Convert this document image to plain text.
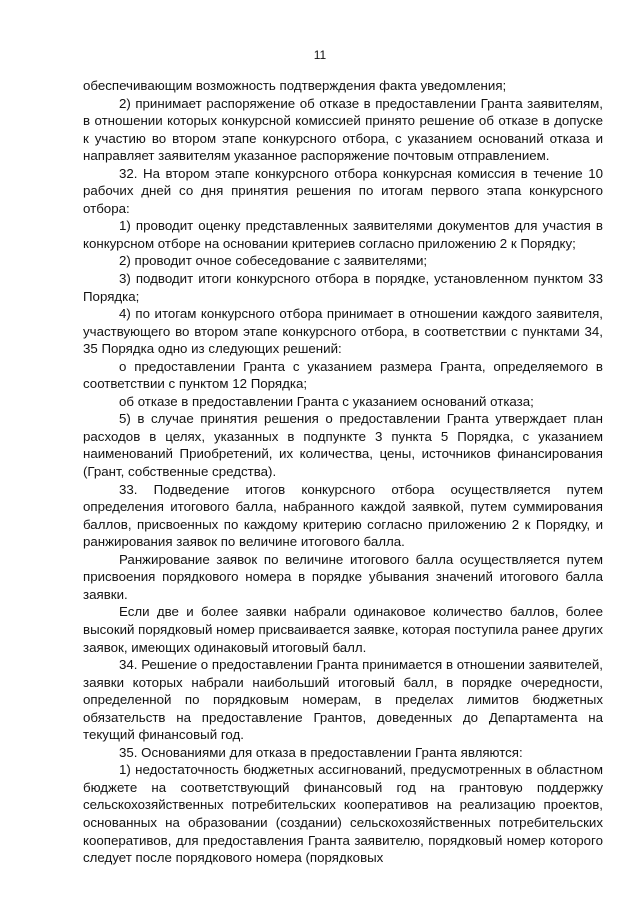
11

обеспечивающим возможность подтверждения факта уведомления;

2) принимает распоряжение об отказе в предоставлении Гранта заявителям, в отношении которых конкурсной комиссией принято решение об отказе в допуске к участию во втором этапе конкурсного отбора, с указанием оснований отказа и направляет заявителям указанное распоряжение почтовым отправлением.

32. На втором этапе конкурсного отбора конкурсная комиссия в течение 10 рабочих дней со дня принятия решения по итогам первого этапа конкурсного отбора:

1) проводит оценку представленных заявителями документов для участия в конкурсном отборе на основании критериев согласно приложению 2 к Порядку;

2) проводит очное собеседование с заявителями;

3) подводит итоги конкурсного отбора в порядке, установленном пунктом 33 Порядка;

4) по итогам конкурсного отбора принимает в отношении каждого заявителя, участвующего во втором этапе конкурсного отбора, в соответствии с пунктами 34, 35 Порядка одно из следующих решений:

о предоставлении Гранта с указанием размера Гранта, определяемого в соответствии с пунктом 12 Порядка;

об отказе в предоставлении Гранта с указанием оснований отказа;

5) в случае принятия решения о предоставлении Гранта утверждает план расходов в целях, указанных в подпункте 3 пункта 5 Порядка, с указанием наименований Приобретений, их количества, цены, источников финансирования (Грант, собственные средства).

33. Подведение итогов конкурсного отбора осуществляется путем определения итогового балла, набранного каждой заявкой, путем суммирования баллов, присвоенных по каждому критерию согласно приложению 2 к Порядку, и ранжирования заявок по величине итогового балла.

Ранжирование заявок по величине итогового балла осуществляется путем присвоения порядкового номера в порядке убывания значений итогового балла заявки.

Если две и более заявки набрали одинаковое количество баллов, более высокий порядковый номер присваивается заявке, которая поступила ранее других заявок, имеющих одинаковый итоговый балл.

34. Решение о предоставлении Гранта принимается в отношении заявителей, заявки которых набрали наибольший итоговый балл, в порядке очередности, определенной по порядковым номерам, в пределах лимитов бюджетных обязательств на предоставление Грантов, доведенных до Департамента на текущий финансовый год.

35. Основаниями для отказа в предоставлении Гранта являются:

1) недостаточность бюджетных ассигнований, предусмотренных в областном бюджете на соответствующий финансовый год на грантовую поддержку сельскохозяйственных потребительских кооперативов на реализацию проектов, основанных на образовании (создании) сельскохозяйственных потребительских кооперативов, для предоставления Гранта заявителю, порядковый номер которого следует после порядкового номера (порядковых
